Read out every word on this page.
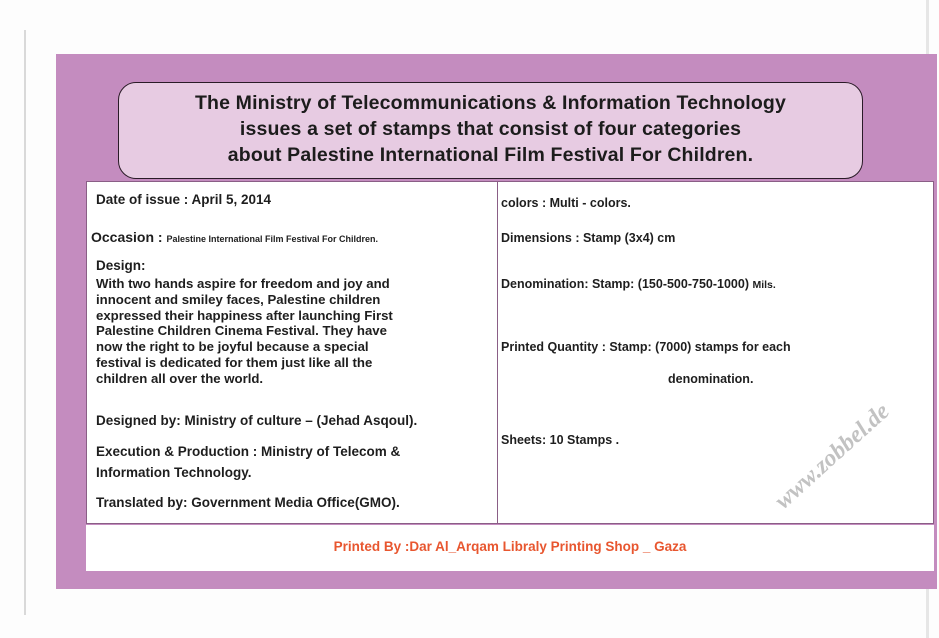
The Ministry of Telecommunications & Information Technology
issues a set of stamps that consist of four categories
about Palestine International Film Festival For Children.
Date of issue : April 5, 2014
Occasion : Palestine International Film Festival For Children.
Design:
With two hands aspire for freedom and joy and
innocent and smiley faces, Palestine children
expressed their happiness after launching First
Palestine Children Cinema Festival. They have
now the right to be joyful because a special
festival is dedicated for them just like all the
children all over the world.
Designed by: Ministry of culture – (Jehad Asqoul).
Execution & Production : Ministry of Telecom &
Information Technology.
Translated by: Government Media Office(GMO).
colors : Multi - colors.
Dimensions : Stamp (3x4) cm
Denomination: Stamp: (150-500-750-1000) Mils.
Printed Quantity : Stamp: (7000) stamps for each
denomination.
Sheets: 10 Stamps .
Printed By :Dar Al_Arqam Libraly Printing Shop _ Gaza
www.zobbel.de
